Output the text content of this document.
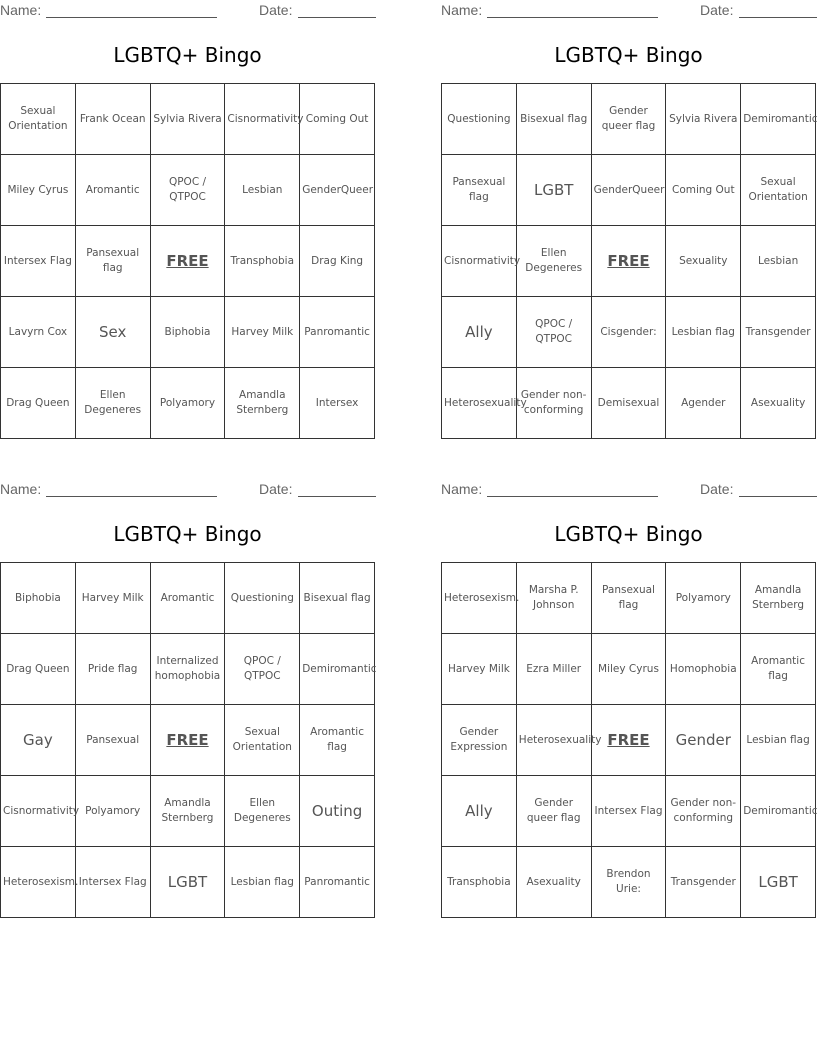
Name:	Date:
LGBTQ+ Bingo
Sexual Orientation	Frank Ocean	Sylvia Rivera	Cisnormativity	Coming Out
Miley Cyrus	Aromantic	QPOC / QTPOC	Lesbian	GenderQueer
Intersex Flag	Pansexual flag	FREE	Transphobia	Drag King
Lavyrn Cox	Sex	Biphobia	Harvey Milk	Panromantic
Drag Queen	Ellen Degeneres	Polyamory	Amandla Sternberg	Intersex
Name:	Date:
LGBTQ+ Bingo
Questioning	Bisexual flag	Gender queer flag	Sylvia Rivera	Demiromantic
Pansexual flag	LGBT	GenderQueer	Coming Out	Sexual Orientation
Cisnormativity	Ellen Degeneres	FREE	Sexuality	Lesbian
Ally	QPOC / QTPOC	Cisgender:	Lesbian flag	Transgender
Heterosexuality	Gender non-conforming	Demisexual	Agender	Asexuality
Name:	Date:
LGBTQ+ Bingo
Biphobia	Harvey Milk	Aromantic	Questioning	Bisexual flag
Drag Queen	Pride flag	Internalized homophobia	QPOC / QTPOC	Demiromantic
Gay	Pansexual	FREE	Sexual Orientation	Aromantic flag
Cisnormativity	Polyamory	Amandla Sternberg	Ellen Degeneres	Outing
Heterosexism.	Intersex Flag	LGBT	Lesbian flag	Panromantic
Name:	Date:
LGBTQ+ Bingo
Heterosexism.	Marsha P. Johnson	Pansexual flag	Polyamory	Amandla Sternberg
Harvey Milk	Ezra Miller	Miley Cyrus	Homophobia	Aromantic flag
Gender Expression	Heterosexuality	FREE	Gender	Lesbian flag
Ally	Gender queer flag	Intersex Flag	Gender non-conforming	Demiromantic
Transphobia	Asexuality	Brendon Urie:	Transgender	LGBT
